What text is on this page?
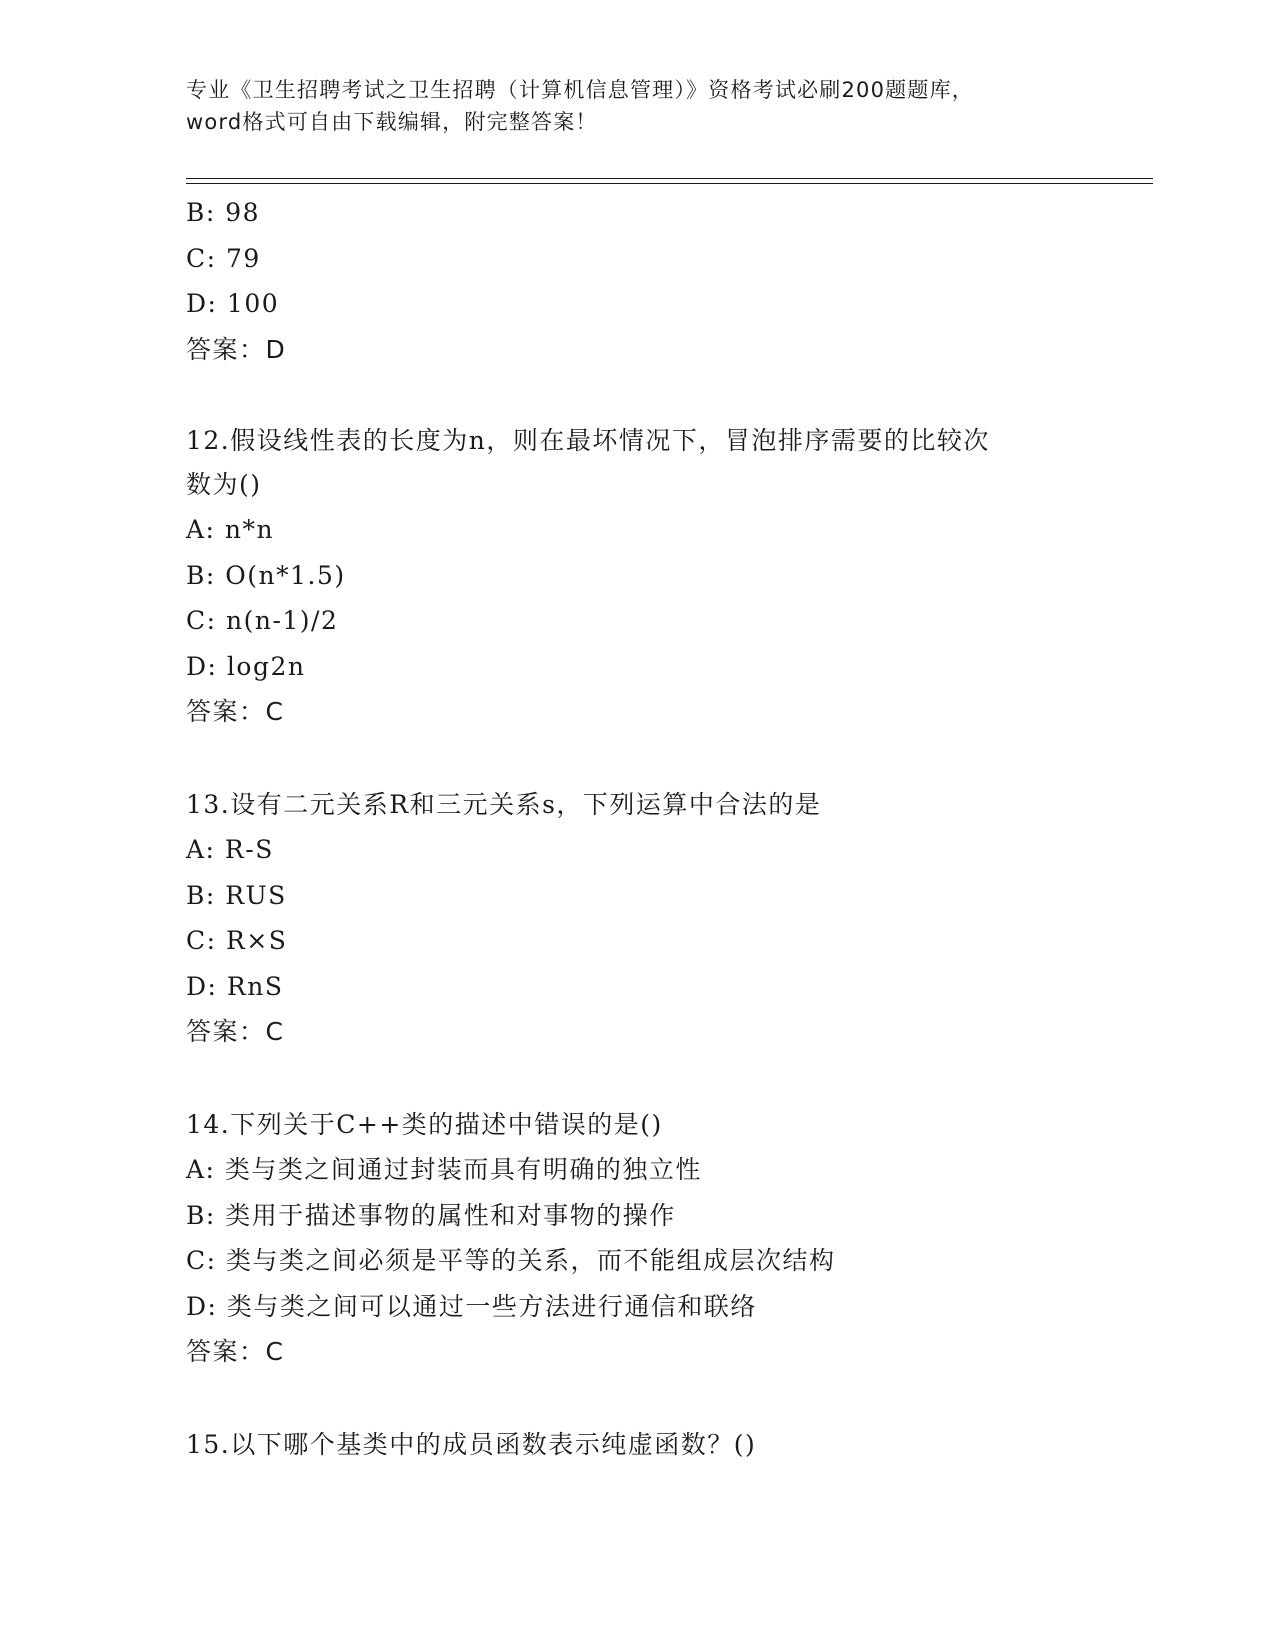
专业《卫生招聘考试之卫生招聘（计算机信息管理）》资格考试必刷200题题库，
word格式可自由下载编辑，附完整答案！
B: 98
C: 79
D: 100
答案：D
12.假设线性表的长度为n，则在最坏情况下，冒泡排序需要的比较次
数为()
A: n*n
B: O(n*1.5)
C: n(n-1)/2
D: log2n
答案：C
13.设有二元关系R和三元关系s，下列运算中合法的是
A: R-S
B: RUS
C: R×S
D: RnS
答案：C
14.下列关于C++类的描述中错误的是()
A: 类与类之间通过封装而具有明确的独立性
B: 类用于描述事物的属性和对事物的操作
C: 类与类之间必须是平等的关系，而不能组成层次结构
D: 类与类之间可以通过一些方法进行通信和联络
答案：C
15.以下哪个基类中的成员函数表示纯虚函数？()
